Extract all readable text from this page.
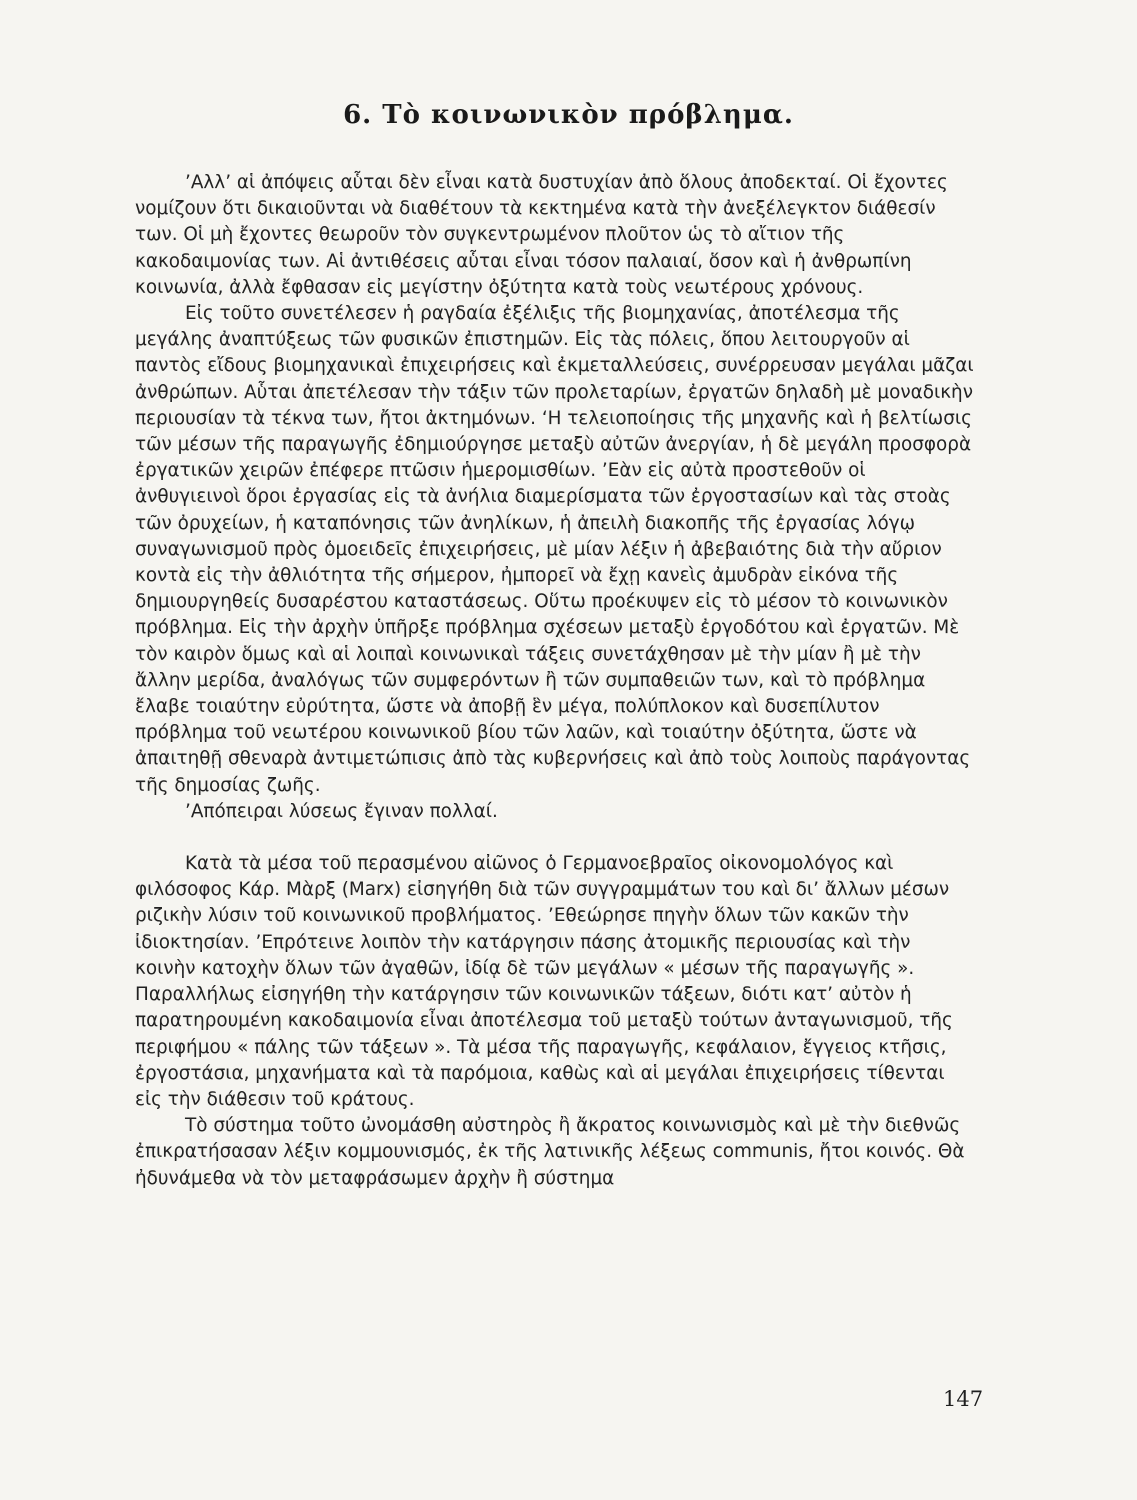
6. Τὸ κοινωνικὸν πρόβλημα.

’Αλλ’ αἱ ἀπόψεις αὗται δὲν εἶναι κατὰ δυστυχίαν ἀπὸ ὅλους ἀποδεκταί. Οἱ ἔχοντες νομίζουν ὅτι δικαιοῦνται νὰ διαθέτουν τὰ κεκτημένα κατὰ τὴν ἀνεξέλεγκτον διάθεσίν των. Οἱ μὴ ἔχοντες θεωροῦν τὸν συγκεντρωμένον πλοῦτον ὡς τὸ αἴτιον τῆς κακοδαιμονίας των. Αἱ ἀντιθέσεις αὗται εἶναι τόσον παλαιαί, ὅσον καὶ ἡ ἀνθρωπίνη κοινωνία, ἀλλὰ ἔφθασαν εἰς μεγίστην ὀξύτητα κατὰ τοὺς νεωτέρους χρόνους.

Εἰς τοῦτο συνετέλεσεν ἡ ραγδαία ἐξέλιξις τῆς βιομηχανίας, ἀποτέλεσμα τῆς μεγάλης ἀναπτύξεως τῶν φυσικῶν ἐπιστημῶν. Εἰς τὰς πόλεις, ὅπου λειτουργοῦν αἱ παντὸς εἴδους βιομηχανικαὶ ἐπιχειρήσεις καὶ ἐκμεταλλεύσεις, συνέρρευσαν μεγάλαι μᾶζαι ἀνθρώπων. Αὗται ἀπετέλεσαν τὴν τάξιν τῶν προλεταρίων, ἐργατῶν δηλαδὴ μὲ μοναδικὴν περιουσίαν τὰ τέκνα των, ἤτοι ἀκτημόνων. ‘Η τελειοποίησις τῆς μηχανῆς καὶ ἡ βελτίωσις τῶν μέσων τῆς παραγωγῆς ἐδημιούργησε μεταξὺ αὐτῶν ἀνεργίαν, ἡ δὲ μεγάλη προσφορὰ ἐργατικῶν χειρῶν ἐπέφερε πτῶσιν ἡμερομισθίων. ’Εὰν εἰς αὐτὰ προστεθοῦν οἱ ἀνθυγιεινοὶ ὅροι ἐργασίας εἰς τὰ ἀνήλια διαμερίσματα τῶν ἐργοστασίων καὶ τὰς στοὰς τῶν ὀρυχείων, ἡ καταπόνησις τῶν ἀνηλίκων, ἡ ἀπειλὴ διακοπῆς τῆς ἐργασίας λόγῳ συναγωνισμοῦ πρὸς ὁμοειδεῖς ἐπιχειρήσεις, μὲ μίαν λέξιν ἡ ἀβεβαιότης διὰ τὴν αὔριον κοντὰ εἰς τὴν ἀθλιότητα τῆς σήμερον, ἠμπορεῖ νὰ ἔχῃ κανεὶς ἀμυδρὰν εἰκόνα τῆς δημιουργηθείς δυσαρέστου καταστάσεως. Οὕτω προέκυψεν εἰς τὸ μέσον τὸ κοινωνικὸν πρόβλημα. Εἰς τὴν ἀρχὴν ὑπῆρξε πρόβλημα σχέσεων μεταξὺ ἐργοδότου καὶ ἐργατῶν. Μὲ τὸν καιρὸν ὅμως καὶ αἱ λοιπαὶ κοινωνικαὶ τάξεις συνετάχθησαν μὲ τὴν μίαν ἢ μὲ τὴν ἄλλην μερίδα, ἀναλόγως τῶν συμφερόντων ἢ τῶν συμπαθειῶν των, καὶ τὸ πρόβλημα ἔλαβε τοιαύτην εὐρύτητα, ὥστε νὰ ἀποβῇ ἓν μέγα, πολύπλοκον καὶ δυσεπίλυτον πρόβλημα τοῦ νεωτέρου κοινωνικοῦ βίου τῶν λαῶν, καὶ τοιαύτην ὀξύτητα, ὥστε νὰ ἀπαιτηθῇ σθεναρὰ ἀντιμετώπισις ἀπὸ τὰς κυβερνήσεις καὶ ἀπὸ τοὺς λοιποὺς παράγοντας τῆς δημοσίας ζωῆς.

’Απόπειραι λύσεως ἔγιναν πολλαί.

Κατὰ τὰ μέσα τοῦ περασμένου αἰῶνος ὁ Γερμανοεβραῖος οἰκονομολόγος καὶ φιλόσοφος Κάρ. Μὰρξ (Marx) εἰσηγήθη διὰ τῶν συγγραμμάτων του καὶ δι’ ἄλλων μέσων ριζικὴν λύσιν τοῦ κοινωνικοῦ προβλήματος. ’Εθεώρησε πηγὴν ὅλων τῶν κακῶν τὴν ἰδιοκτησίαν. ’Επρότεινε λοιπὸν τὴν κατάργησιν πάσης ἀτομικῆς περιουσίας καὶ τὴν κοινὴν κατοχὴν ὅλων τῶν ἀγαθῶν, ἰδίᾳ δὲ τῶν μεγάλων « μέσων τῆς παραγωγῆς ». Παραλλήλως εἰσηγήθη τὴν κατάργησιν τῶν κοινωνικῶν τάξεων, διότι κατ’ αὐτὸν ἡ παρατηρουμένη κακοδαιμονία εἶναι ἀποτέλεσμα τοῦ μεταξὺ τούτων ἀνταγωνισμοῦ, τῆς περιφήμου « πάλης τῶν τάξεων ». Τὰ μέσα τῆς παραγωγῆς, κεφάλαιον, ἔγγειος κτῆσις, ἐργοστάσια, μηχανήματα καὶ τὰ παρόμοια, καθὼς καὶ αἱ μεγάλαι ἐπιχειρήσεις τίθενται εἰς τὴν διάθεσιν τοῦ κράτους.

Τὸ σύστημα τοῦτο ὠνομάσθη αὐστηρὸς ἢ ἄκρατος κοινωνισμὸς καὶ μὲ τὴν διεθνῶς ἐπικρατήσασαν λέξιν κομμουνισμός, ἐκ τῆς λατινικῆς λέξεως communis, ἤτοι κοινός. Θὰ ἠδυνάμεθα νὰ τὸν μεταφράσωμεν ἀρχὴν ἢ σύστημα

147
